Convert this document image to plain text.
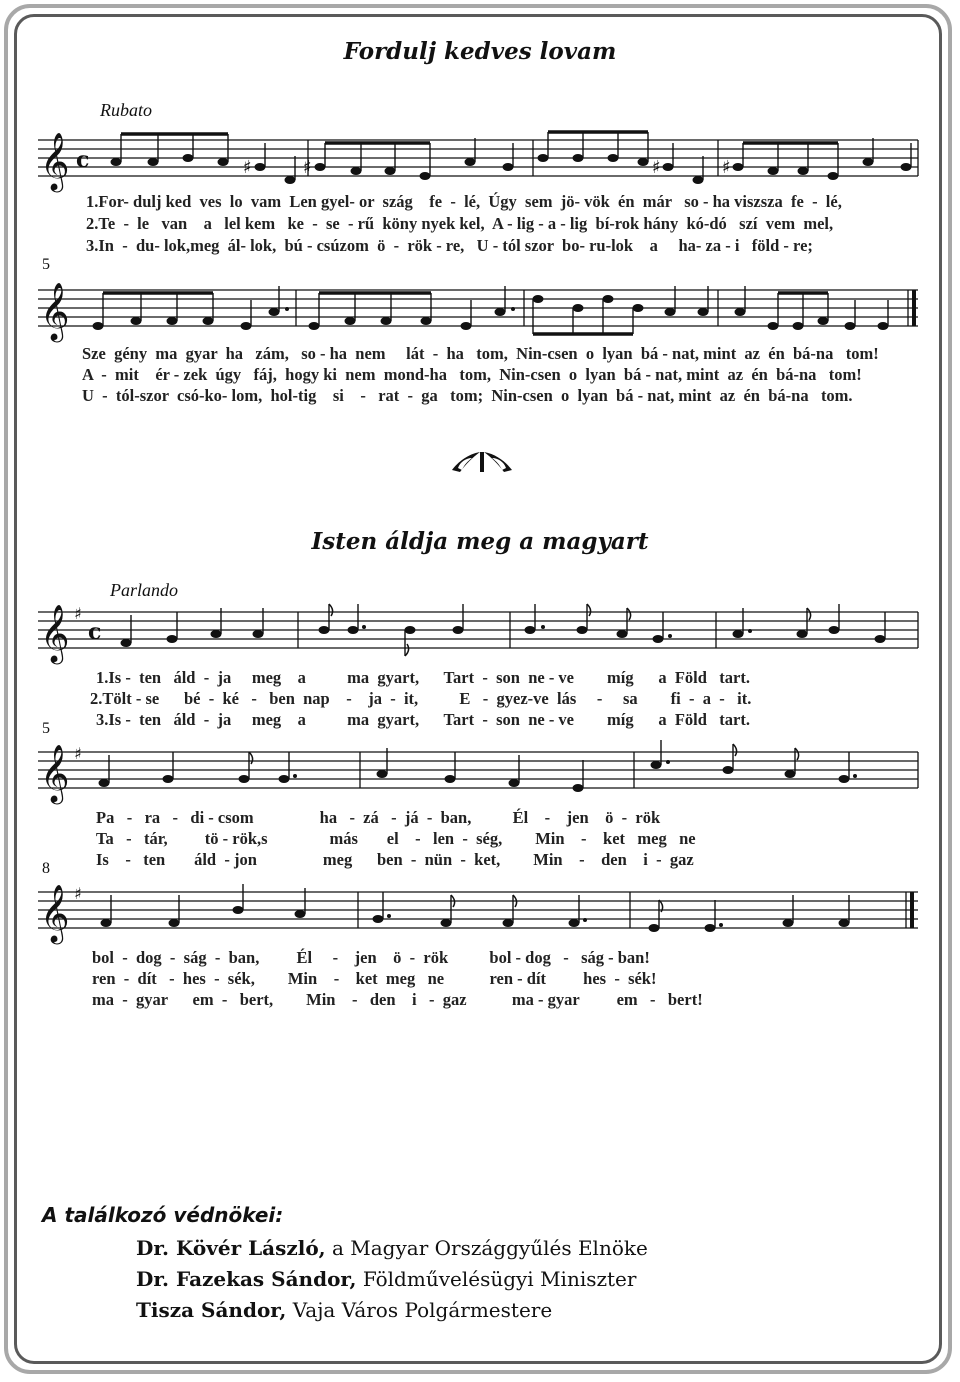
Fordulj kedves lovam
Rubato
𝄞 c	♯	♯	♯	♯
1.For- dulj ked  ves  lo  vam  Len gyel- or  szág    fe  -  lé,  Úgy  sem  jö- vök  én  már   so - ha viszsza  fe  -  lé,
2.Te  -  le   van    a   lel kem   ke  -  se  - rű  köny nyek kel,  A - lig - a - lig  bí-rok hány  kó-dó   szí  vem  mel,
3.In  -  du- lok,meg  ál- lok,  bú - csúzom  ö  -  rök - re,   U - tól szor  bo- ru-lok    a     ha- za - i   föld - re;
5
𝄞
Sze  gény  ma  gyar  ha   zám,   so - ha  nem     lát  -  ha   tom,  Nin-csen  o  lyan  bá - nat, mint  az  én  bá-na   tom!
A  -  mit    ér - zek  úgy   fáj,  hogy ki  nem  mond-ha   tom,  Nin-csen  o  lyan  bá - nat, mint  az  én  bá-na   tom!
U  -  tól-szor  csó-ko- lom,  hol-tig    si    -   rat  -  ga   tom;  Nin-csen  o  lyan  bá - nat, mint  az  én  bá-na   tom.
Isten áldja meg a magyart
Parlando
𝄞 ♯
c
1.Is -  ten   áld  -  ja     meg    a          ma  gyart,      Tart  -  son  ne - ve        míg      a  Föld   tart.
2.Tölt - se      bé  -  ké   -   ben  nap    -    ja  -  it,          E   -  gyez-ve  lás     -     sa        fi  -  a  -   it.
3.Is -  ten   áld  -  ja     meg    a          ma  gyart,      Tart  -  son  ne - ve        míg      a  Föld   tart.
5
𝄞 ♯
Pa   -   ra   -   di - csom                ha   -  zá   -  já  -  ban,          Él    -    jen    ö  -  rök
Ta   -   tár,         tö - rök,s               más       el    -   len  -  ség,        Min    -    ket   meg   ne
Is    -   ten       áld  - jon                meg      ben  -  nün  -  ket,        Min    -    den    i  -  gaz
8
𝄞 ♯
bol  -  dog  -  ság  -  ban,         Él     -    jen    ö  -  rök          bol - dog   -   ság - ban!
ren  -  dít   -  hes  -  sék,        Min    -    ket  meg   ne           ren - dít         hes  -  sék!
ma  -  gyar      em  -   bert,        Min    -   den    i   -  gaz           ma - gyar         em   -   bert!
A találkozó védnökei:
Dr. Kövér László, a Magyar Országgyűlés Elnöke
Dr. Fazekas Sándor, Földművelésügyi Miniszter
Tisza Sándor, Vaja Város Polgármestere
